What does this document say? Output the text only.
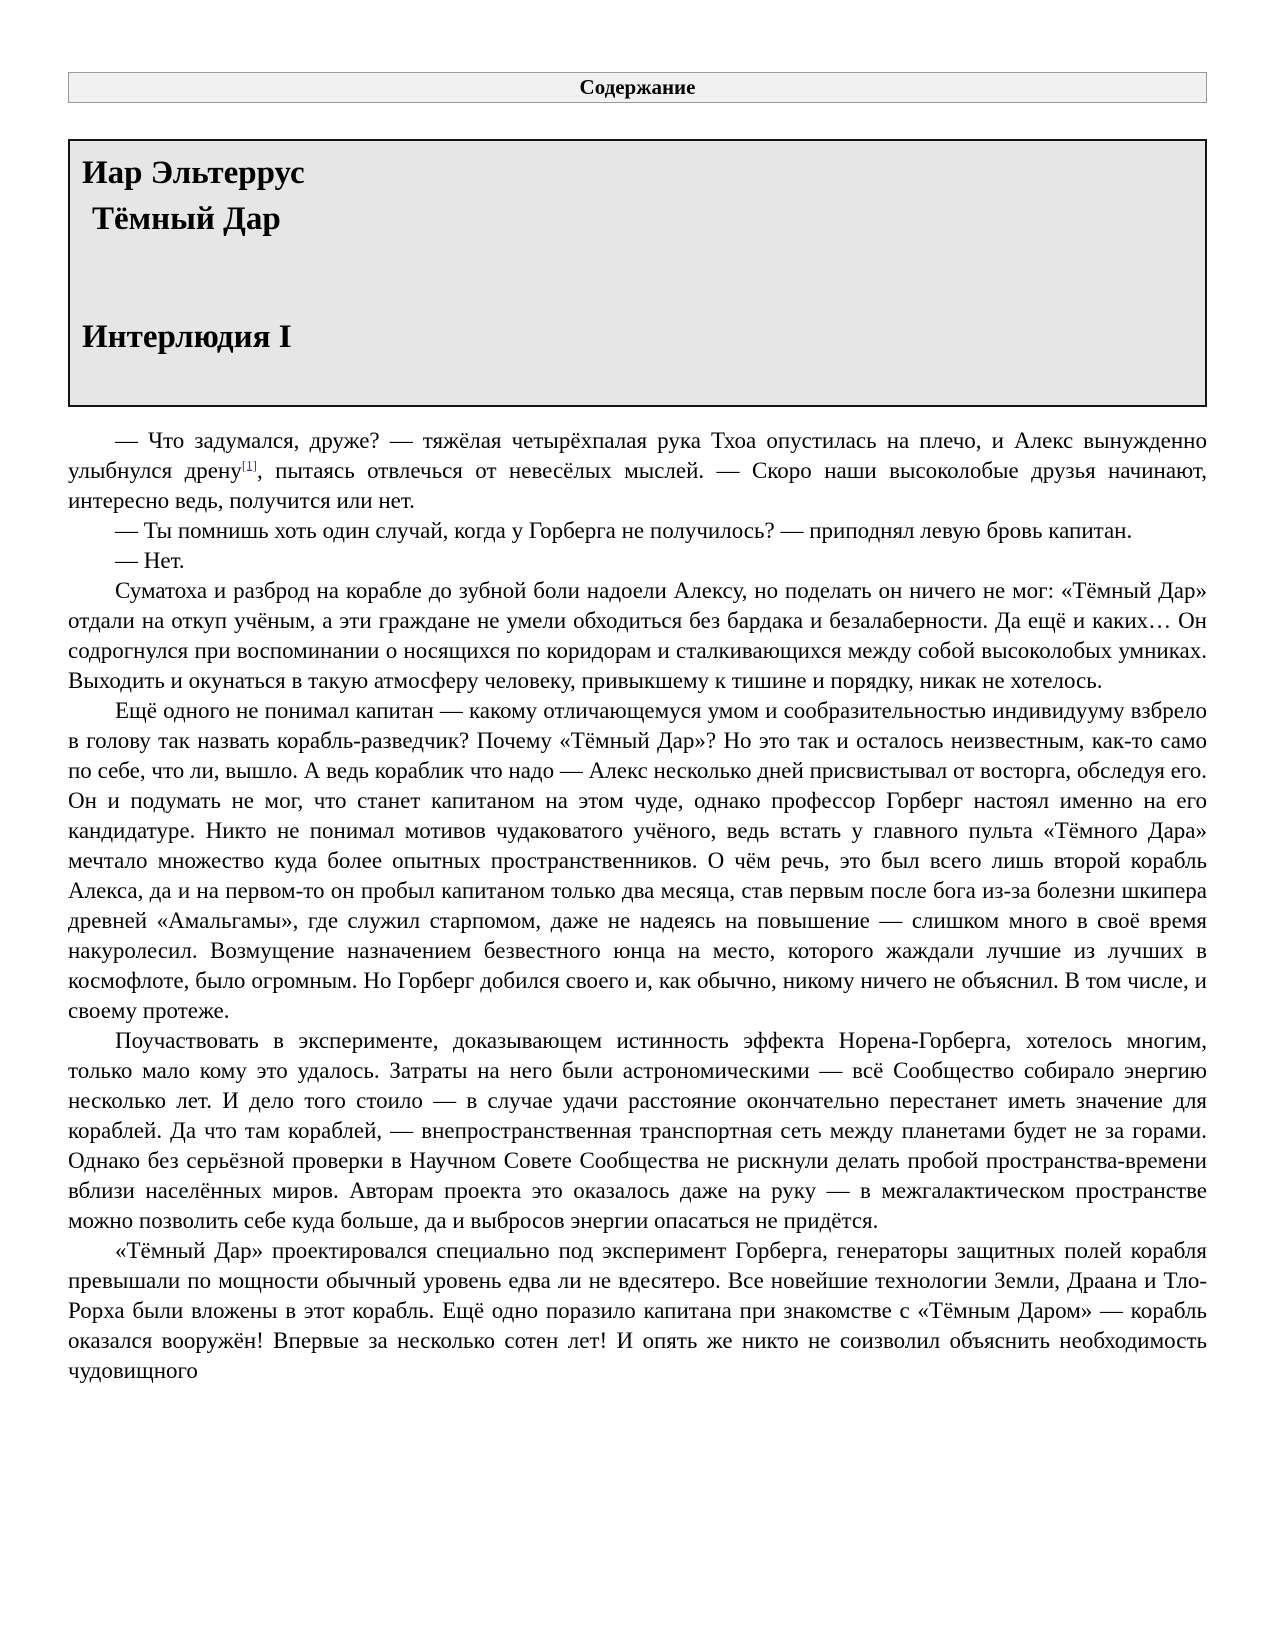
Содержание
Иар Эльтеррус
Тёмный Дар
Интерлюдия I

— Что задумался, друже? — тяжёлая четырёхпалая рука Тхоа опустилась на плечо, и Алекс вынужденно улыбнулся дрену[1], пытаясь отвлечься от невесёлых мыслей. — Скоро наши высоколобые друзья начинают, интересно ведь, получится или нет.

— Ты помнишь хоть один случай, когда у Горберга не получилось? — приподнял левую бровь капитан.

— Нет.

Суматоха и разброд на корабле до зубной боли надоели Алексу, но поделать он ничего не мог: «Тёмный Дар» отдали на откуп учёным, а эти граждане не умели обходиться без бардака и безалаберности. Да ещё и каких… Он содрогнулся при воспоминании о носящихся по коридорам и сталкивающихся между собой высоколобых умниках. Выходить и окунаться в такую атмосферу человеку, привыкшему к тишине и порядку, никак не хотелось.

Ещё одного не понимал капитан — какому отличающемуся умом и сообразительностью индивидууму взбрело в голову так назвать корабль-разведчик? Почему «Тёмный Дар»? Но это так и осталось неизвестным, как-то само по себе, что ли, вышло. А ведь кораблик что надо — Алекс несколько дней присвистывал от восторга, обследуя его. Он и подумать не мог, что станет капитаном на этом чуде, однако профессор Горберг настоял именно на его кандидатуре. Никто не понимал мотивов чудаковатого учёного, ведь встать у главного пульта «Тёмного Дара» мечтало множество куда более опытных пространственников. О чём речь, это был всего лишь второй корабль Алекса, да и на первом-то он пробыл капитаном только два месяца, став первым после бога из-за болезни шкипера древней «Амальгамы», где служил старпомом, даже не надеясь на повышение — слишком много в своё время накуролесил. Возмущение назначением безвестного юнца на место, которого жаждали лучшие из лучших в космофлоте, было огромным. Но Горберг добился своего и, как обычно, никому ничего не объяснил. В том числе, и своему протеже.

Поучаствовать в эксперименте, доказывающем истинность эффекта Норена-Горберга, хотелось многим, только мало кому это удалось. Затраты на него были астрономическими — всё Сообщество собирало энергию несколько лет. И дело того стоило — в случае удачи расстояние окончательно перестанет иметь значение для кораблей. Да что там кораблей, — внепространственная транспортная сеть между планетами будет не за горами. Однако без серьёзной проверки в Научном Совете Сообщества не рискнули делать пробой пространства-времени вблизи населённых миров. Авторам проекта это оказалось даже на руку — в межгалактическом пространстве можно позволить себе куда больше, да и выбросов энергии опасаться не придётся.

«Тёмный Дар» проектировался специально под эксперимент Горберга, генераторы защитных полей корабля превышали по мощности обычный уровень едва ли не вдесятеро. Все новейшие технологии Земли, Драана и Тло-Рорха были вложены в этот корабль. Ещё одно поразило капитана при знакомстве с «Тёмным Даром» — корабль оказался вооружён! Впервые за несколько сотен лет! И опять же никто не соизволил объяснить необходимость чудовищного
